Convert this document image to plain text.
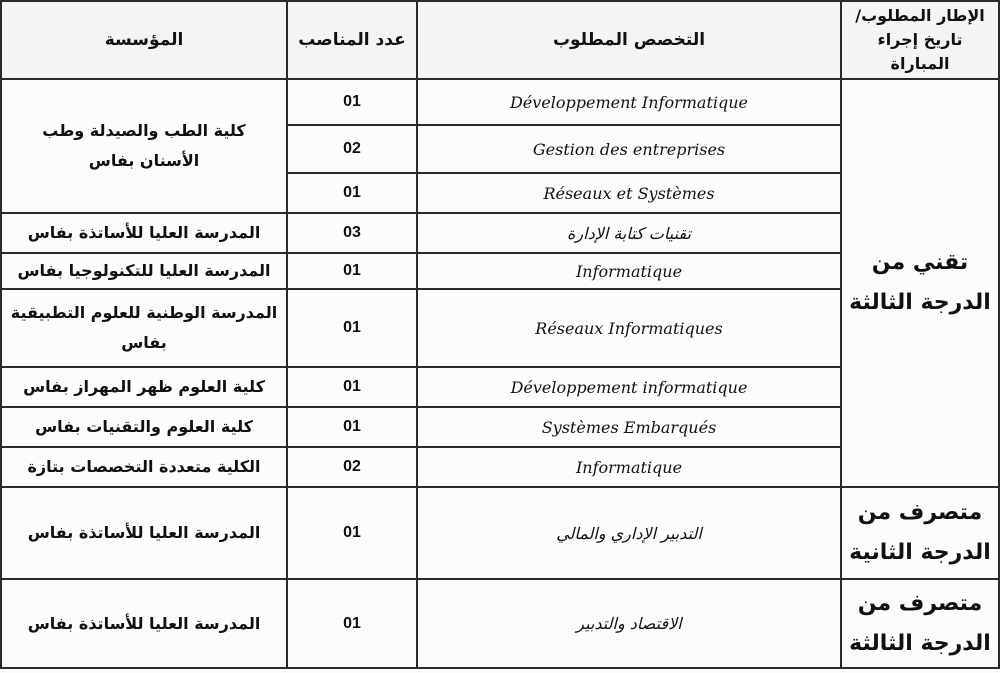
الإطار المطلوب/
تاريخ إجراء المباراة	التخصص المطلوب	عدد المناصب	المؤسسة
تقني من
الدرجة الثالثة	Développement Informatique	01	كلية الطب والصيدلة وطب
الأسنان بفاس
	Gestion des entreprises	02	
	Réseaux et Systèmes	01	
	تقنيات كتابة الإدارة	03	المدرسة العليا للأساتذة بفاس
	Informatique	01	المدرسة العليا للتكنولوجيا بفاس
	Réseaux Informatiques	01	المدرسة الوطنية للعلوم التطبيقية
بفاس
	Développement informatique	01	كلية العلوم ظهر المهراز بفاس
	Systèmes Embarqués	01	كلية العلوم والتقنيات بفاس
	Informatique	02	الكلية متعددة التخصصات بتازة
متصرف من
الدرجة الثانية	التدبير الإداري والمالي	01	المدرسة العليا للأساتذة بفاس
متصرف من
الدرجة الثالثة	الاقتصاد والتدبير	01	المدرسة العليا للأساتذة بفاس
